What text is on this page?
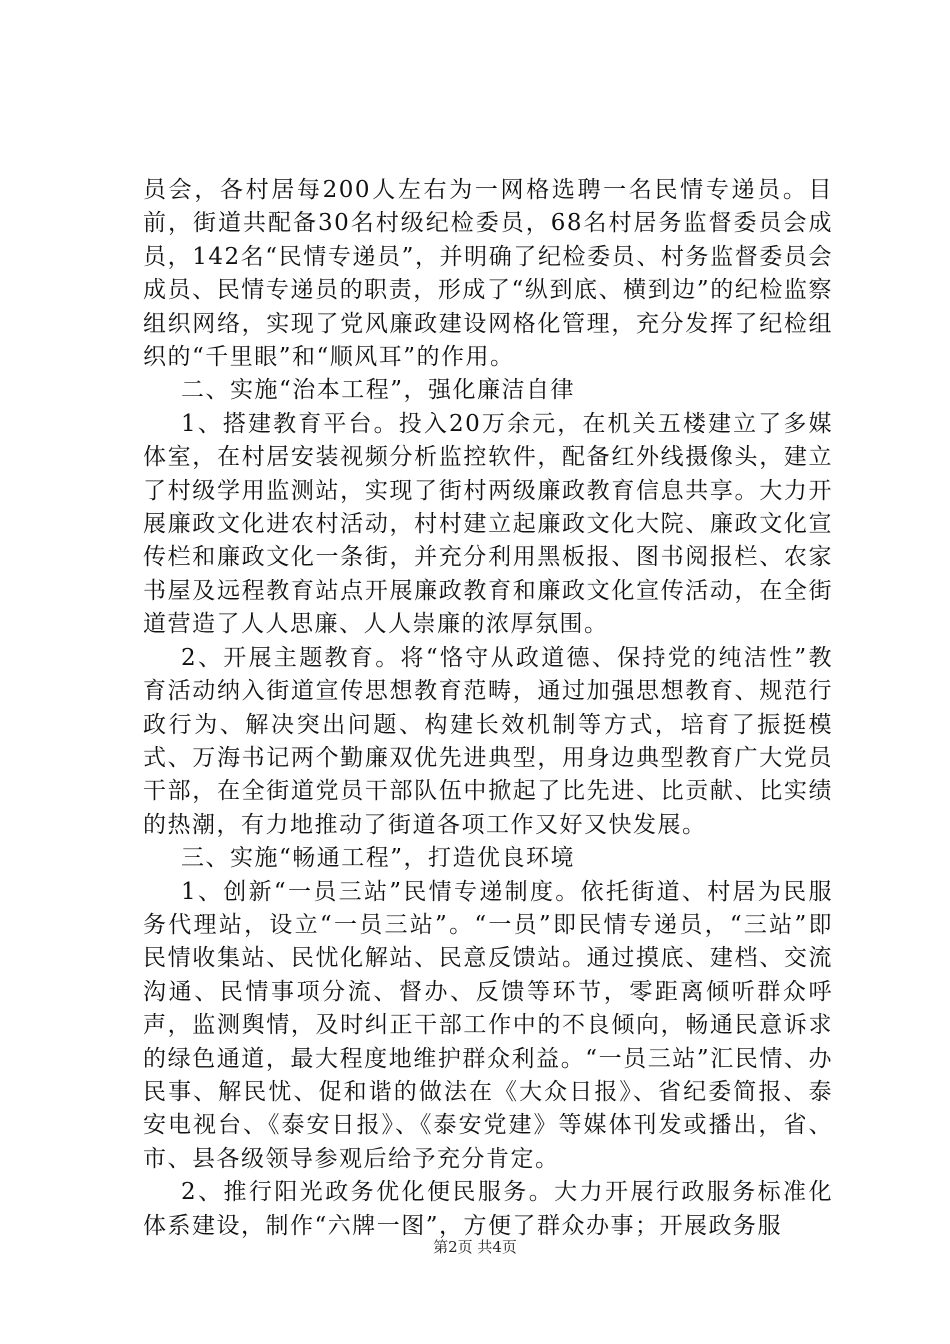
员会，各村居每200人左右为一网格选聘一名民情专递员。目前，街道共配备30名村级纪检委员，68名村居务监督委员会成员，142名“民情专递员”，并明确了纪检委员、村务监督委员会成员、民情专递员的职责，形成了“纵到底、横到边”的纪检监察组织网络，实现了党风廉政建设网格化管理，充分发挥了纪检组织的“千里眼”和“顺风耳”的作用。

二、实施“治本工程”，强化廉洁自律

1、搭建教育平台。投入20万余元，在机关五楼建立了多媒体室，在村居安装视频分析监控软件，配备红外线摄像头，建立了村级学用监测站，实现了街村两级廉政教育信息共享。大力开展廉政文化进农村活动，村村建立起廉政文化大院、廉政文化宣传栏和廉政文化一条街，并充分利用黑板报、图书阅报栏、农家书屋及远程教育站点开展廉政教育和廉政文化宣传活动，在全街道营造了人人思廉、人人崇廉的浓厚氛围。

2、开展主题教育。将“恪守从政道德、保持党的纯洁性”教育活动纳入街道宣传思想教育范畴，通过加强思想教育、规范行政行为、解决突出问题、构建长效机制等方式，培育了振挺模式、万海书记两个勤廉双优先进典型，用身边典型教育广大党员干部，在全街道党员干部队伍中掀起了比先进、比贡献、比实绩的热潮，有力地推动了街道各项工作又好又快发展。

三、实施“畅通工程”，打造优良环境

1、创新“一员三站”民情专递制度。依托街道、村居为民服务代理站，设立“一员三站”。“一员”即民情专递员，“三站”即民情收集站、民忧化解站、民意反馈站。通过摸底、建档、交流沟通、民情事项分流、督办、反馈等环节，零距离倾听群众呼声，监测舆情，及时纠正干部工作中的不良倾向，畅通民意诉求的绿色通道，最大程度地维护群众利益。“一员三站”汇民情、办民事、解民忧、促和谐的做法在《大众日报》、省纪委简报、泰安电视台、《泰安日报》、《泰安党建》等媒体刊发或播出，省、市、县各级领导参观后给予充分肯定。

2、推行阳光政务优化便民服务。大力开展行政服务标准化体系建设，制作“六牌一图”，方便了群众办事；开展政务服

第2页 共4页
